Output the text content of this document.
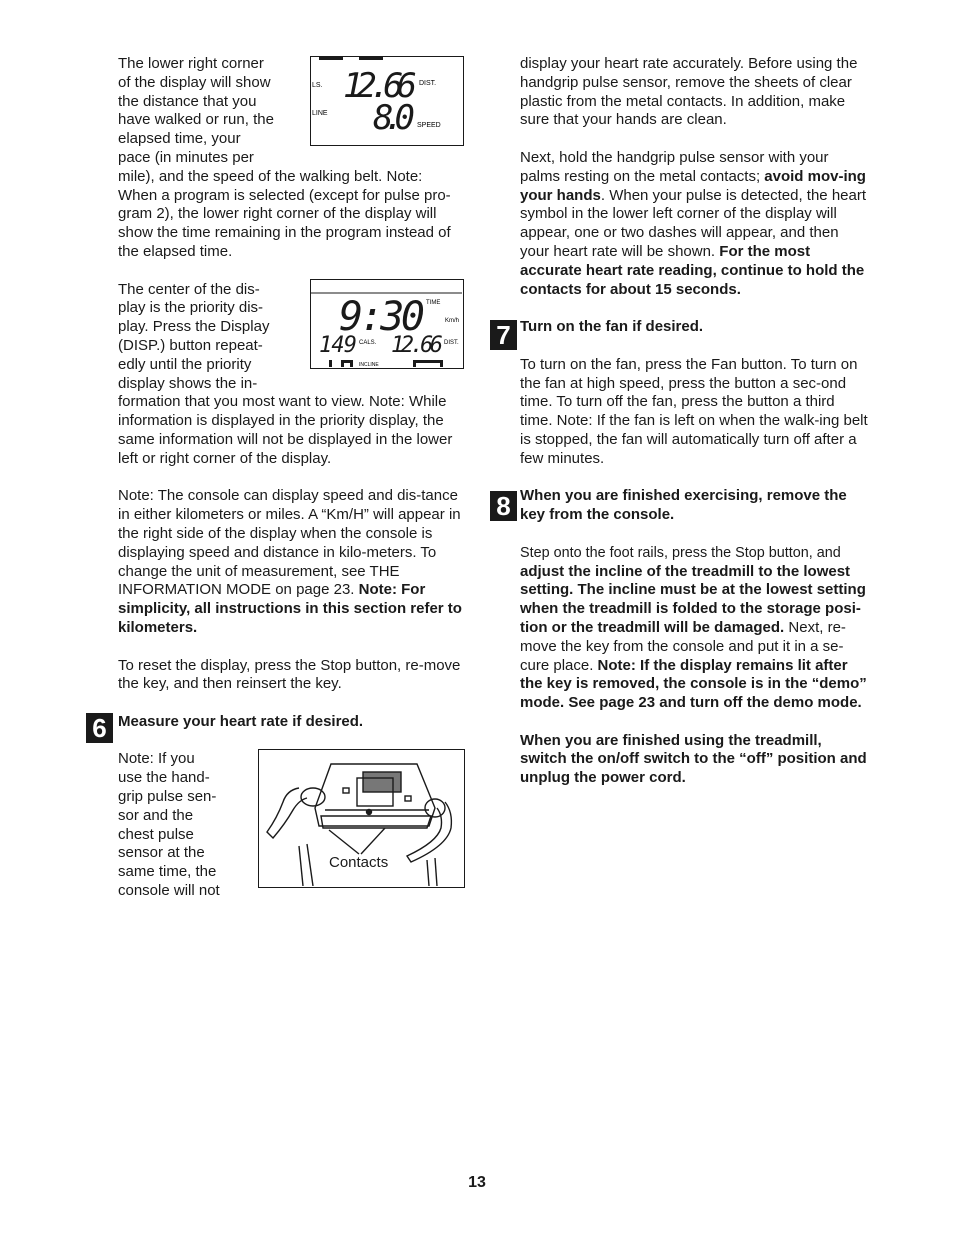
LS.	DIST.
LINE
SPEED
12.66
8.0

The lower right corner
of the display will show
the distance that you
have walked or run, the
elapsed time, your
pace (in minutes per
mile), and the speed of the walking belt. Note: When a program is selected (except for pulse pro-gram 2), the lower right corner of the display will show the time remaining in the program instead of the elapsed time.

9:30 TIME
Km/h
149 CALS. 12.66 DIST.
INCLINE

The center of the dis-
play is the priority dis-
play. Press the Display
(DISP.) button repeat-
edly until the priority
display shows the in-
formation that you most want to view. Note: While information is displayed in the priority display, the same information will not be displayed in the lower left or right corner of the display.

Note: The console can display speed and dis-tance in either kilometers or miles. A “Km/H” will appear in the right side of the display when the console is displaying speed and distance in kilo-meters. To change the unit of measurement, see THE INFORMATION MODE on page 23. Note: For simplicity, all instructions in this section refer to kilometers.

To reset the display, press the Stop button, re-move the key, and then reinsert the key.

Measure your heart rate if desired.

Contacts

Note: If you
use the hand-
grip pulse sen-
sor and the
chest pulse
sensor at the
same time, the
console will not

6
7
8

display your heart rate accurately. Before using the handgrip pulse sensor, remove the sheets of clear plastic from the metal contacts. In addition, make sure that your hands are clean.

Next, hold the handgrip pulse sensor with your palms resting on the metal contacts; avoid mov-ing your hands. When your pulse is detected, the heart symbol in the lower left corner of the display will appear, one or two dashes will appear, and then your heart rate will be shown. For the most accurate heart rate reading, continue to hold the contacts for about 15 seconds.

Turn on the fan if desired.

To turn on the fan, press the Fan button. To turn on the fan at high speed, press the button a sec-ond time. To turn off the fan, press the button a third time. Note: If the fan is left on when the walk-ing belt is stopped, the fan will automatically turn off after a few minutes.

When you are finished exercising, remove the key from the console.

Step onto the foot rails, press the Stop button, and adjust the incline of the treadmill to the lowest setting. The incline must be at the lowest setting when the treadmill is folded to the storage posi-tion or the treadmill will be damaged. Next, re-move the key from the console and put it in a se-cure place. Note: If the display remains lit after the key is removed, the console is in the “demo” mode. See page 23 and turn off the demo mode.

When you are finished using the treadmill, switch the on/off switch to the “off” position and unplug the power cord.

13
